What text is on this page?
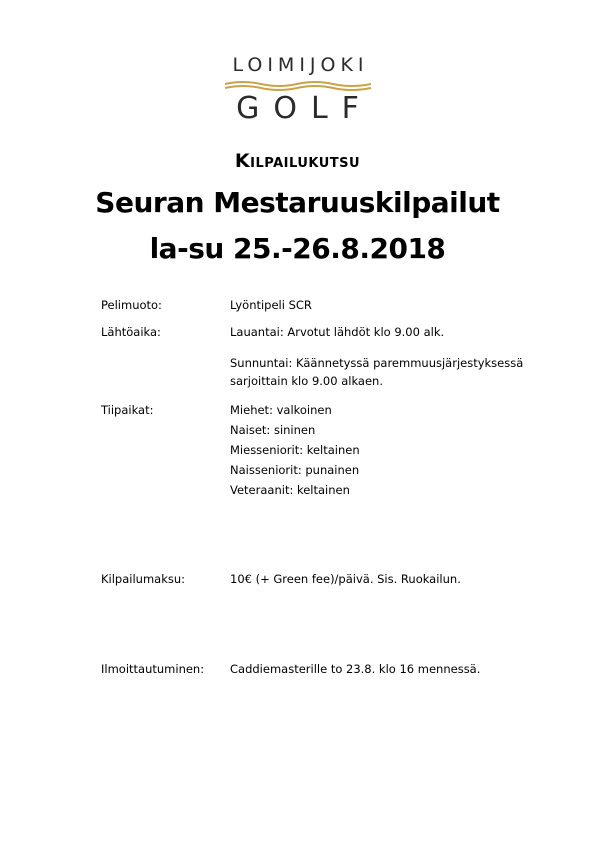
LOIMIJOKI
GOLF
Kilpailukutsu
Seuran Mestaruuskilpailut
la-su 25.-26.8.2018
Pelimuoto:	Lyöntipeli SCR
Lähtöaika:	Lauantai: Arvotut lähdöt klo 9.00 alk.
Sunnuntai: Käännetyssä paremmuusjärjestyksessä
sarjoittain klo 9.00 alkaen.
Tiipaikat:	Miehet: valkoinen
Naiset: sininen
Miesseniorit: keltainen
Naisseniorit: punainen
Veteraanit: keltainen
Kilpailumaksu:	10€ (+ Green fee)/päivä. Sis. Ruokailun.
Ilmoittautuminen: Caddiemasterille to 23.8. klo 16 mennessä.
